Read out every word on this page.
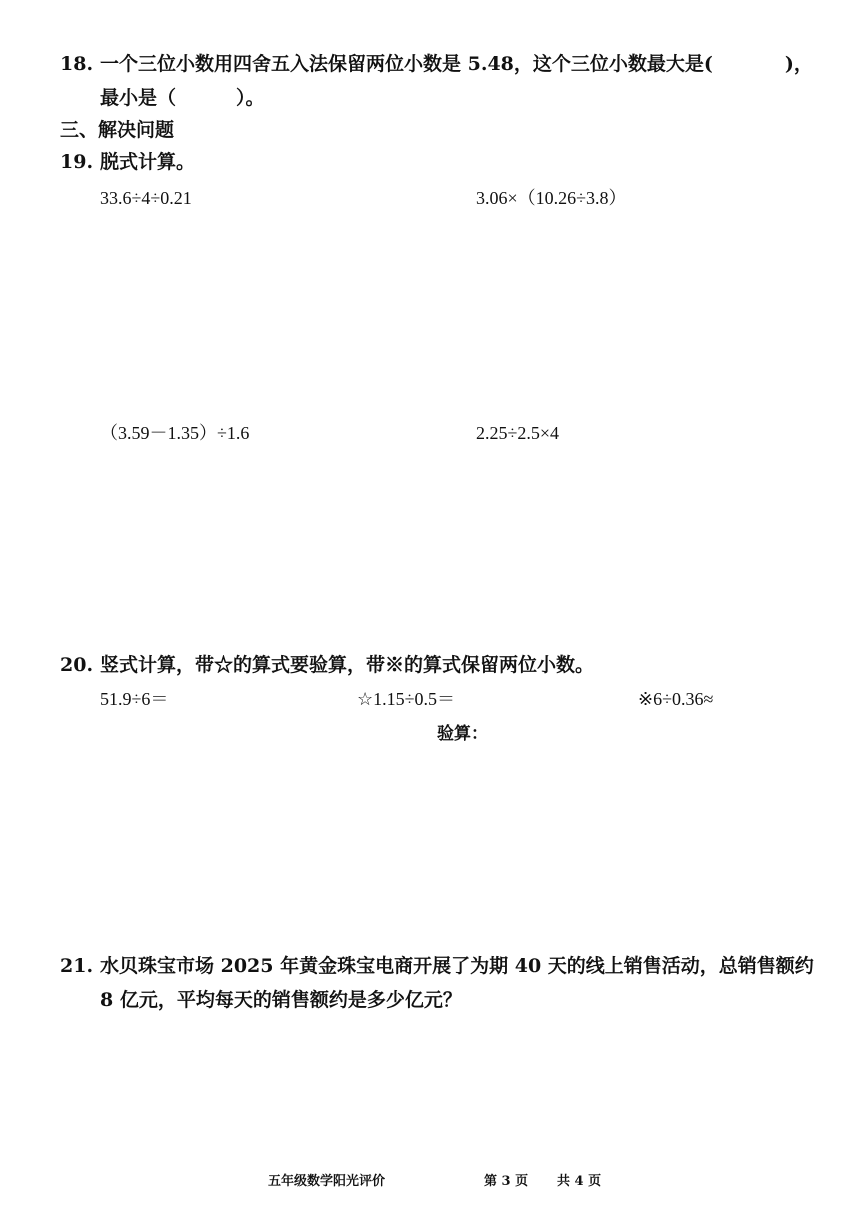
18. 一个三位小数用四舍五入法保留两位小数是 5.48，这个三位小数最大是(	)，
最小是（	）。
三、解决问题
19. 脱式计算。
33.6÷4÷0.21	3.06×（10.26÷3.8）
（3.59－1.35）÷1.6	2.25÷2.5×4
20. 竖式计算，带☆的算式要验算，带※的算式保留两位小数。
51.9÷6＝	☆1.15÷0.5＝	※6÷0.36≈
验算：
21. 水贝珠宝市场 2025 年黄金珠宝电商开展了为期 40 天的线上销售活动，总销售额约
8 亿元，平均每天的销售额约是多少亿元？
五年级数学阳光评价	第 3 页 共 4 页
